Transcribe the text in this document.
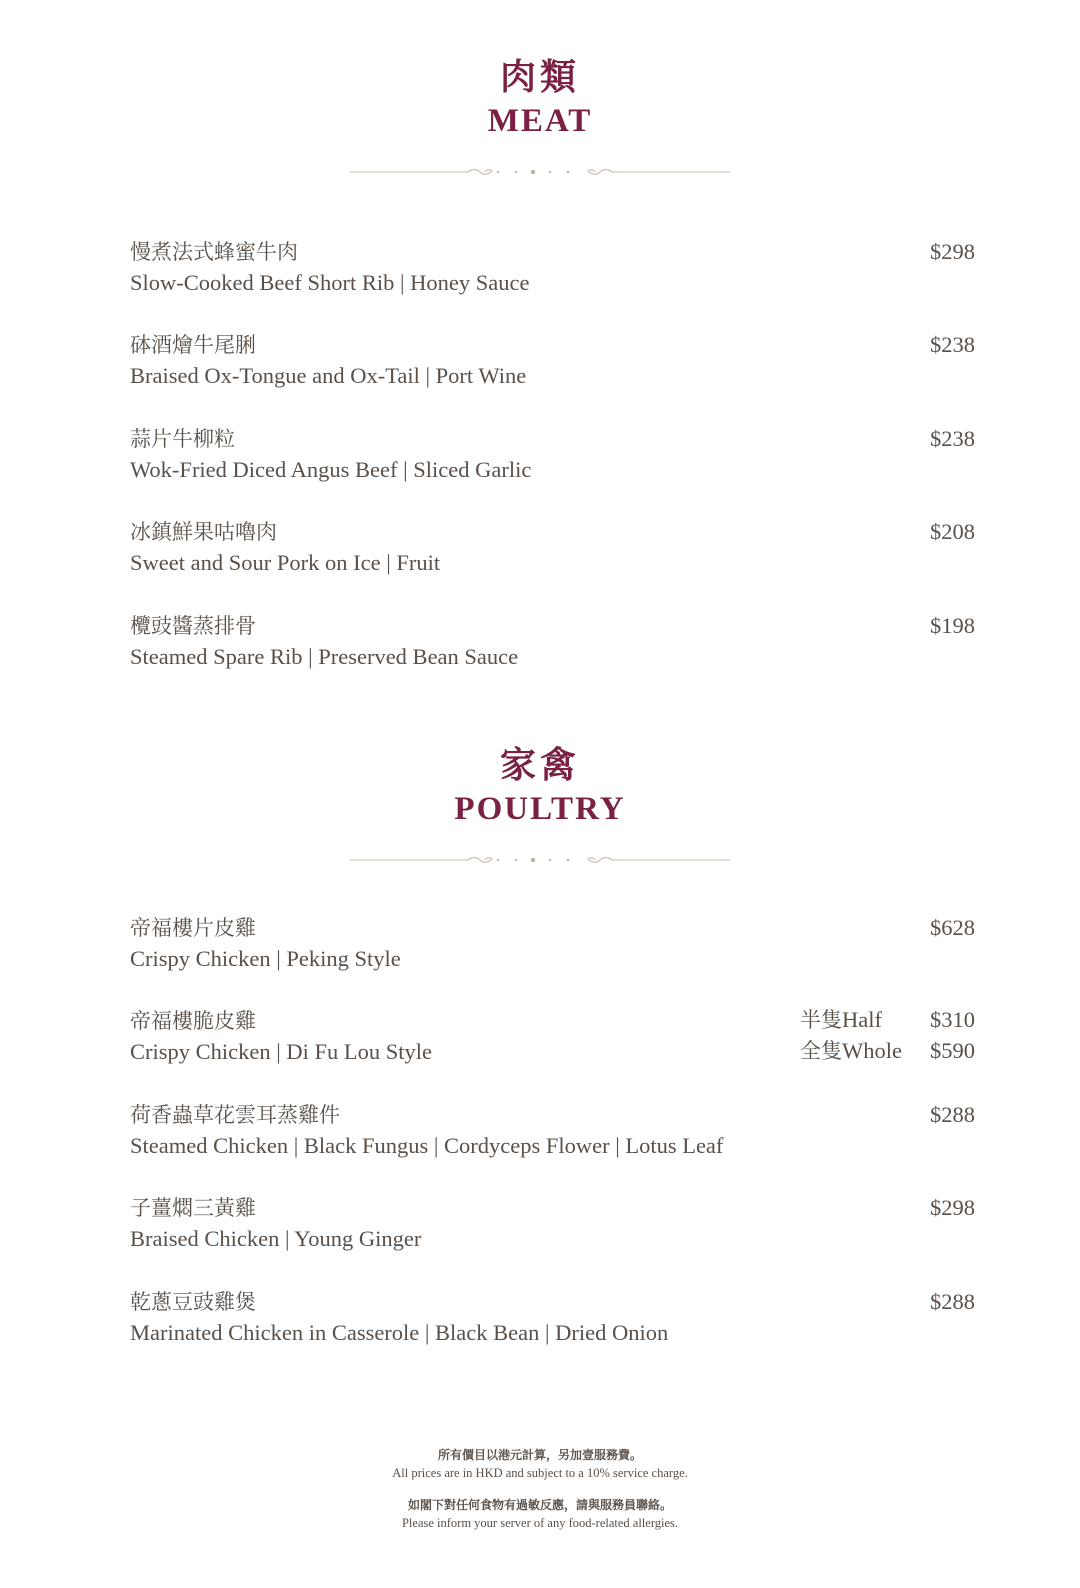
肉類
MEAT
慢煮法式蜂蜜牛肉
Slow-Cooked Beef Short Rib | Honey Sauce
$298
砵酒燴牛尾脷
Braised Ox-Tongue and Ox-Tail | Port Wine
$238
蒜片牛柳粒
Wok-Fried Diced Angus Beef | Sliced Garlic
$238
冰鎮鮮果咕嚕肉
Sweet and Sour Pork on Ice | Fruit
$208
欖豉醬蒸排骨
Steamed Spare Rib | Preserved Bean Sauce
$198
家禽
POULTRY
帝福樓片皮雞
Crispy Chicken | Peking Style
$628
帝福樓脆皮雞
Crispy Chicken | Di Fu Lou Style
半隻Half $310
全隻Whole $590
荷香蟲草花雲耳蒸雞件
Steamed Chicken | Black Fungus | Cordyceps Flower | Lotus Leaf
$288
子薑燜三黃雞
Braised Chicken | Young Ginger
$298
乾蔥豆豉雞煲
Marinated Chicken in Casserole | Black Bean | Dried Onion
$288
所有價目以港元計算，另加壹服務費。
All prices are in HKD and subject to a 10% service charge.
如閣下對任何食物有過敏反應，請與服務員聯絡。
Please inform your server of any food-related allergies.
